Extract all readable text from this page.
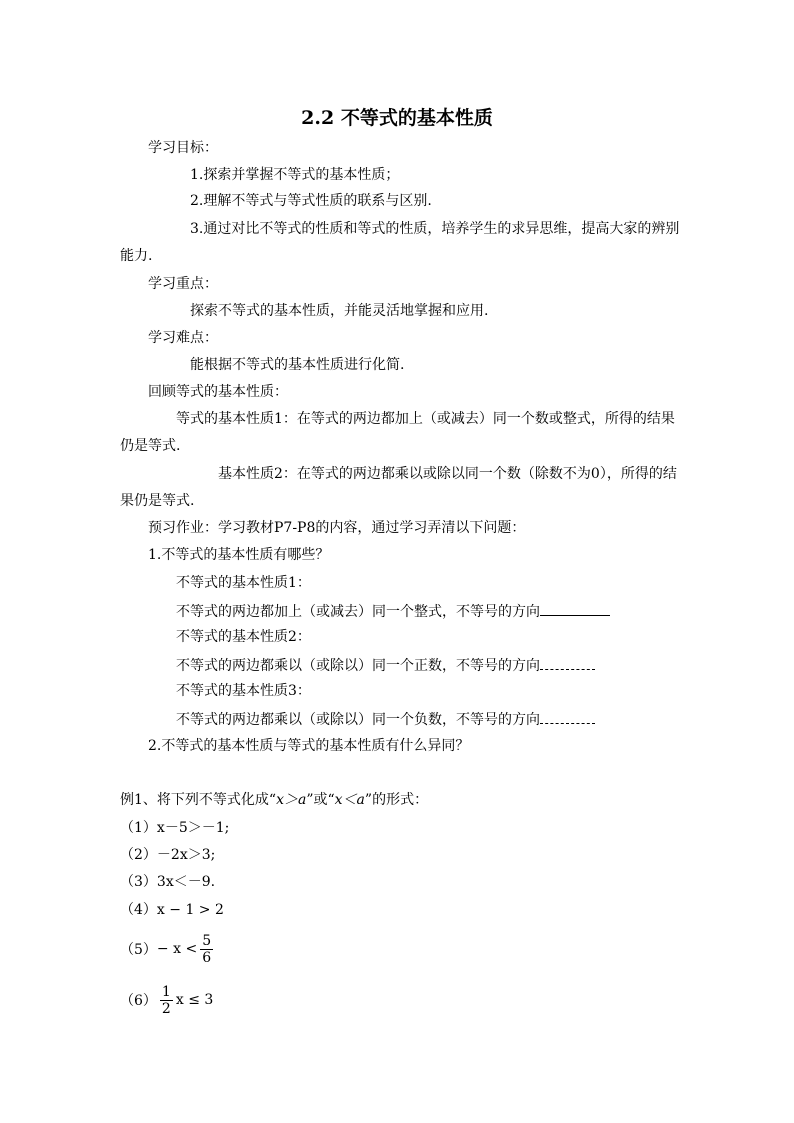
2.2 不等式的基本性质
学习目标：
1.探索并掌握不等式的基本性质；
2.理解不等式与等式性质的联系与区别.
3.通过对比不等式的性质和等式的性质，培养学生的求异思维，提高大家的辨别
能力.
学习重点：
探索不等式的基本性质，并能灵活地掌握和应用.
学习难点：
能根据不等式的基本性质进行化简.
回顾等式的基本性质：
等式的基本性质1：在等式的两边都加上（或减去）同一个数或整式，所得的结果
仍是等式.
基本性质2：在等式的两边都乘以或除以同一个数（除数不为0），所得的结
果仍是等式.
预习作业：学习教材P7-P8的内容，通过学习弄清以下问题：
1.不等式的基本性质有哪些？
不等式的基本性质1：
不等式的两边都加上（或减去）同一个整式，不等号的方向
不等式的基本性质2：
不等式的两边都乘以（或除以）同一个正数，不等号的方向
不等式的基本性质3：
不等式的两边都乘以（或除以）同一个负数，不等号的方向
2.不等式的基本性质与等式的基本性质有什么异同？
例1、将下列不等式化成“x＞a”或“x＜a”的形式：
（1）x－5＞－1;
（2）－2x＞3;
（3）3x＜－9.
（4）x − 1 > 2
$(5) - x < \frac{5}{6}$
$(6) \frac{1}{2}$ x ≤ 3
